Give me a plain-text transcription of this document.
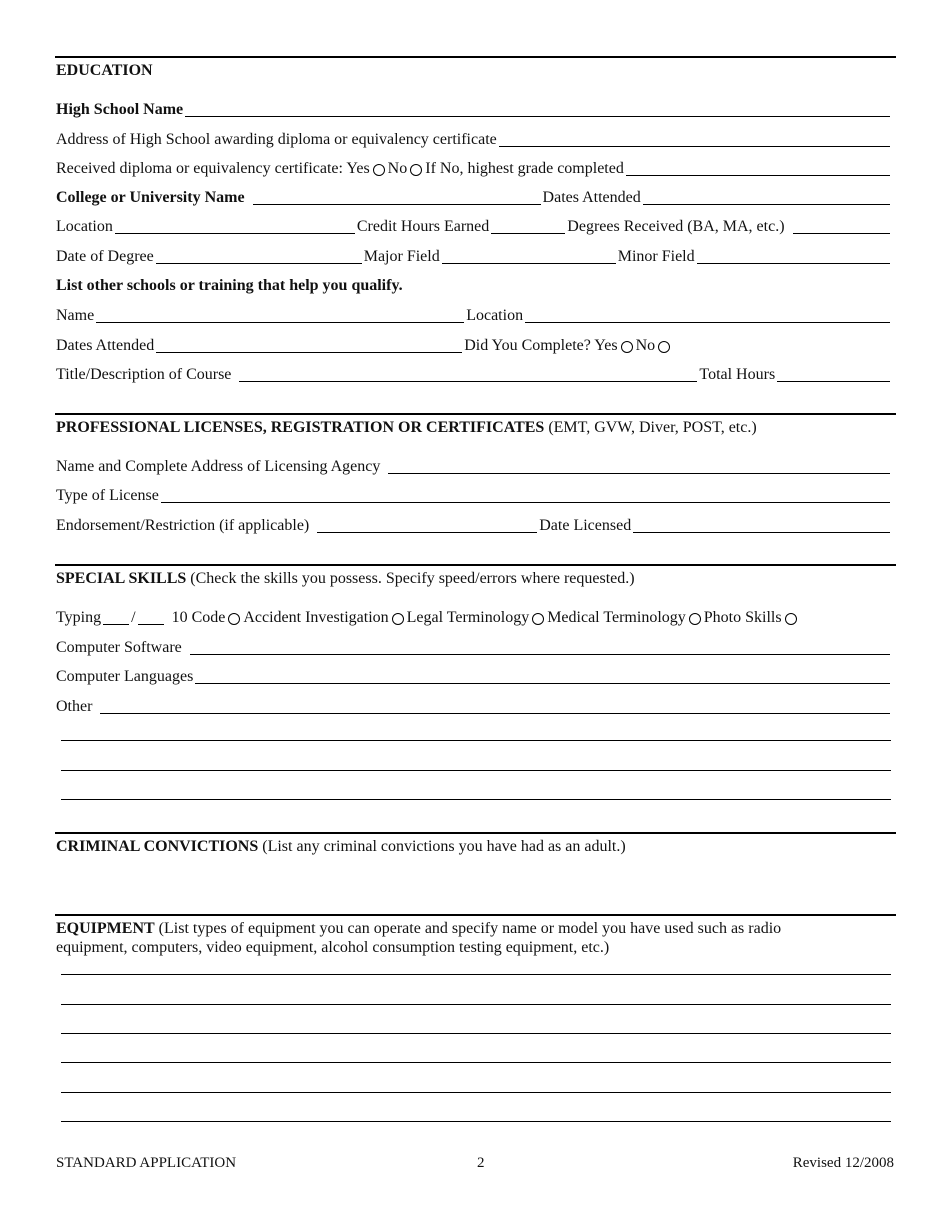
EDUCATION
High School Name
Address of High School awarding diploma or equivalency certificate
Received diploma or equivalency certificate: Yes No If No, highest grade completed
College or University Name	Dates Attended
Location	Credit Hours Earned	Degrees Received (BA, MA, etc.)
Date of Degree	Major Field	Minor Field
List other schools or training that help you qualify.
Name	Location
Dates Attended	Did You Complete? Yes No
Title/Description of Course	Total Hours
PROFESSIONAL LICENSES, REGISTRATION OR CERTIFICATES (EMT, GVW, Diver, POST, etc.)
Name and Complete Address of Licensing Agency
Type of License
Endorsement/Restriction (if applicable)	Date Licensed
SPECIAL SKILLS (Check the skills you possess. Specify speed/errors where requested.)
Typing / 10 Code Accident Investigation Legal Terminology Medical Terminology Photo Skills
Computer Software
Computer Languages
Other
CRIMINAL CONVICTIONS (List any criminal convictions you have had as an adult.)
EQUIPMENT (List types of equipment you can operate and specify name or model you have used such as radio equipment, computers, video equipment, alcohol consumption testing equipment, etc.)
STANDARD APPLICATION	2	Revised 12/2008
